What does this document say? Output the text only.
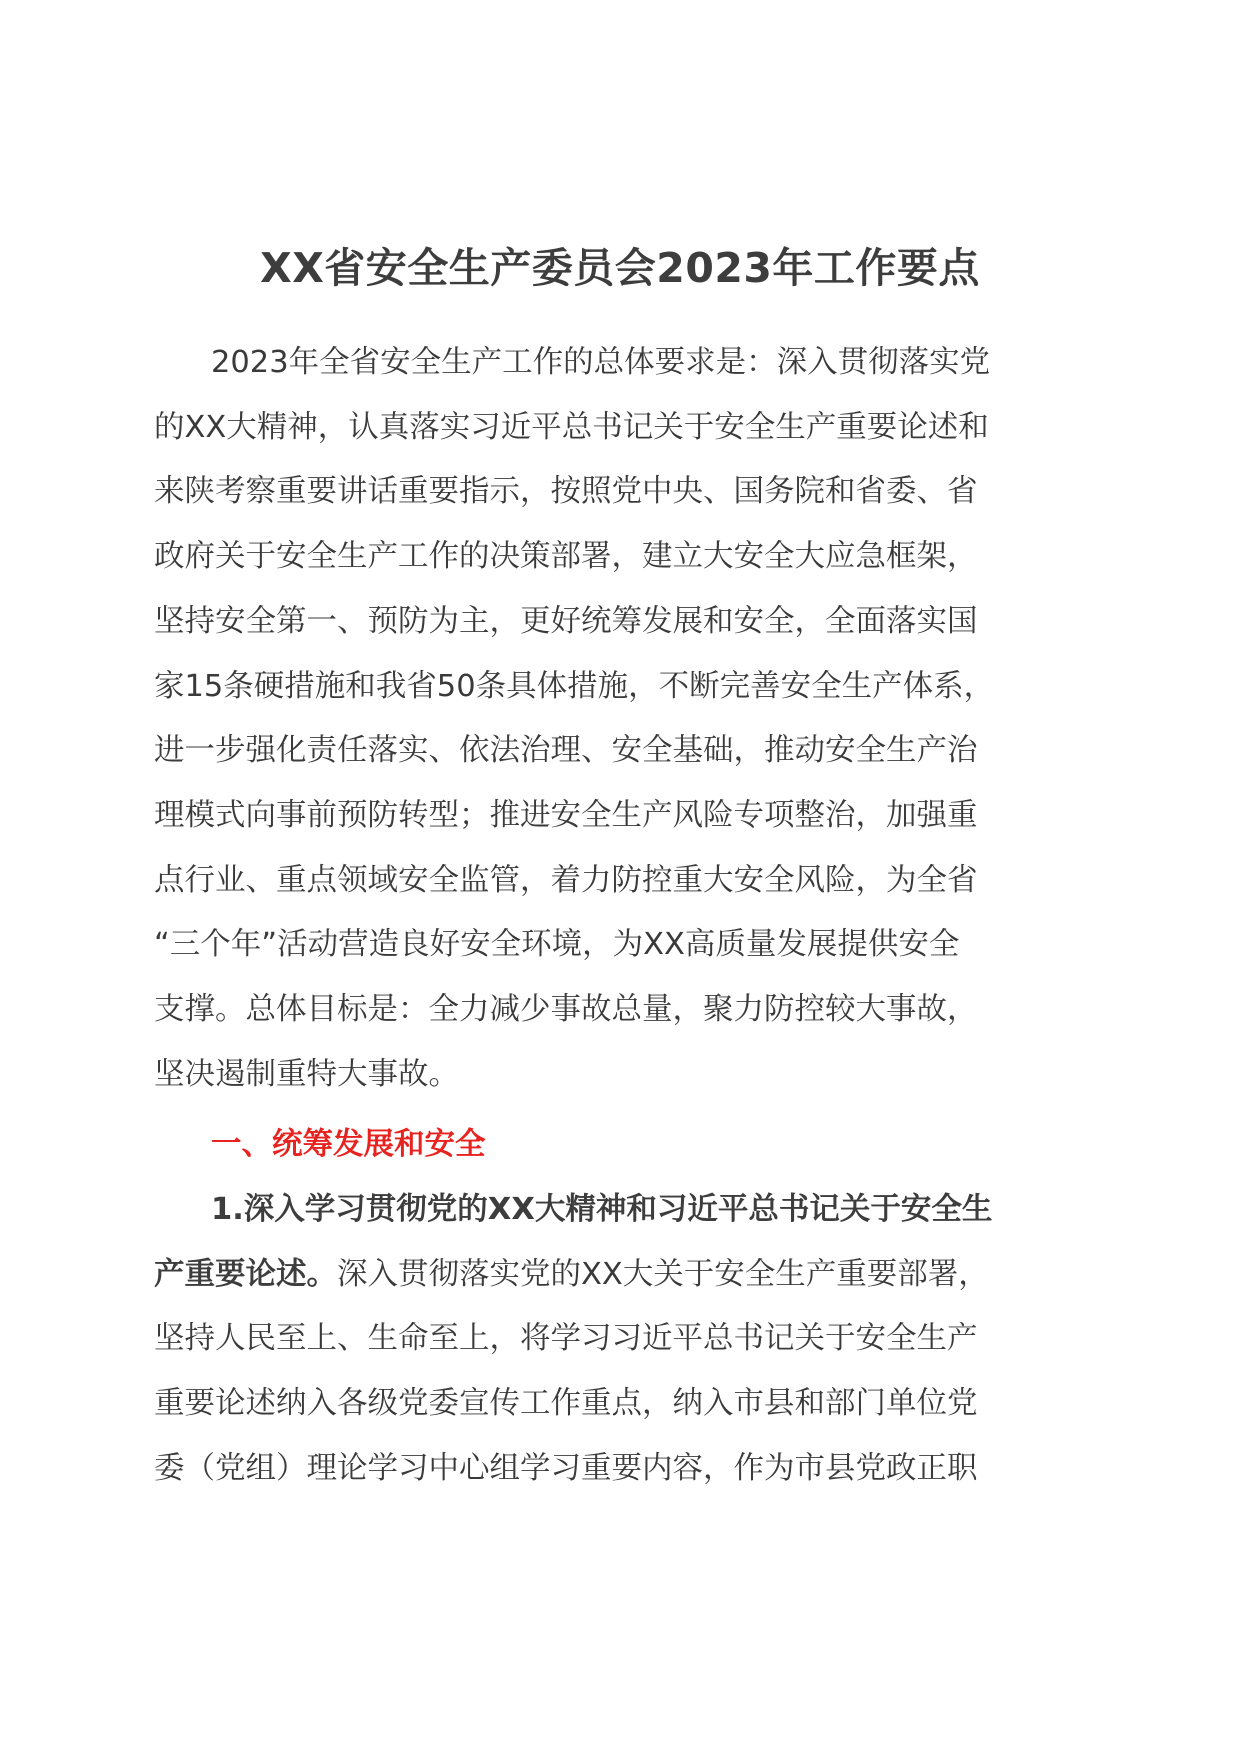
XX省安全生产委员会2023年工作要点
2023年全省安全生产工作的总体要求是：深入贯彻落实党
的XX大精神，认真落实习近平总书记关于安全生产重要论述和
来陕考察重要讲话重要指示，按照党中央、国务院和省委、省
政府关于安全生产工作的决策部署，建立大安全大应急框架，
坚持安全第一、预防为主，更好统筹发展和安全，全面落实国
家15条硬措施和我省50条具体措施，不断完善安全生产体系，
进一步强化责任落实、依法治理、安全基础，推动安全生产治
理模式向事前预防转型；推进安全生产风险专项整治，加强重
点行业、重点领域安全监管，着力防控重大安全风险，为全省
“三个年”活动营造良好安全环境，为XX高质量发展提供安全
支撑。总体目标是：全力减少事故总量，聚力防控较大事故，
坚决遏制重特大事故。
一、统筹发展和安全
1.深入学习贯彻党的XX大精神和习近平总书记关于安全生
产重要论述。深入贯彻落实党的XX大关于安全生产重要部署，
坚持人民至上、生命至上，将学习习近平总书记关于安全生产
重要论述纳入各级党委宣传工作重点，纳入市县和部门单位党
委（党组）理论学习中心组学习重要内容，作为市县党政正职
